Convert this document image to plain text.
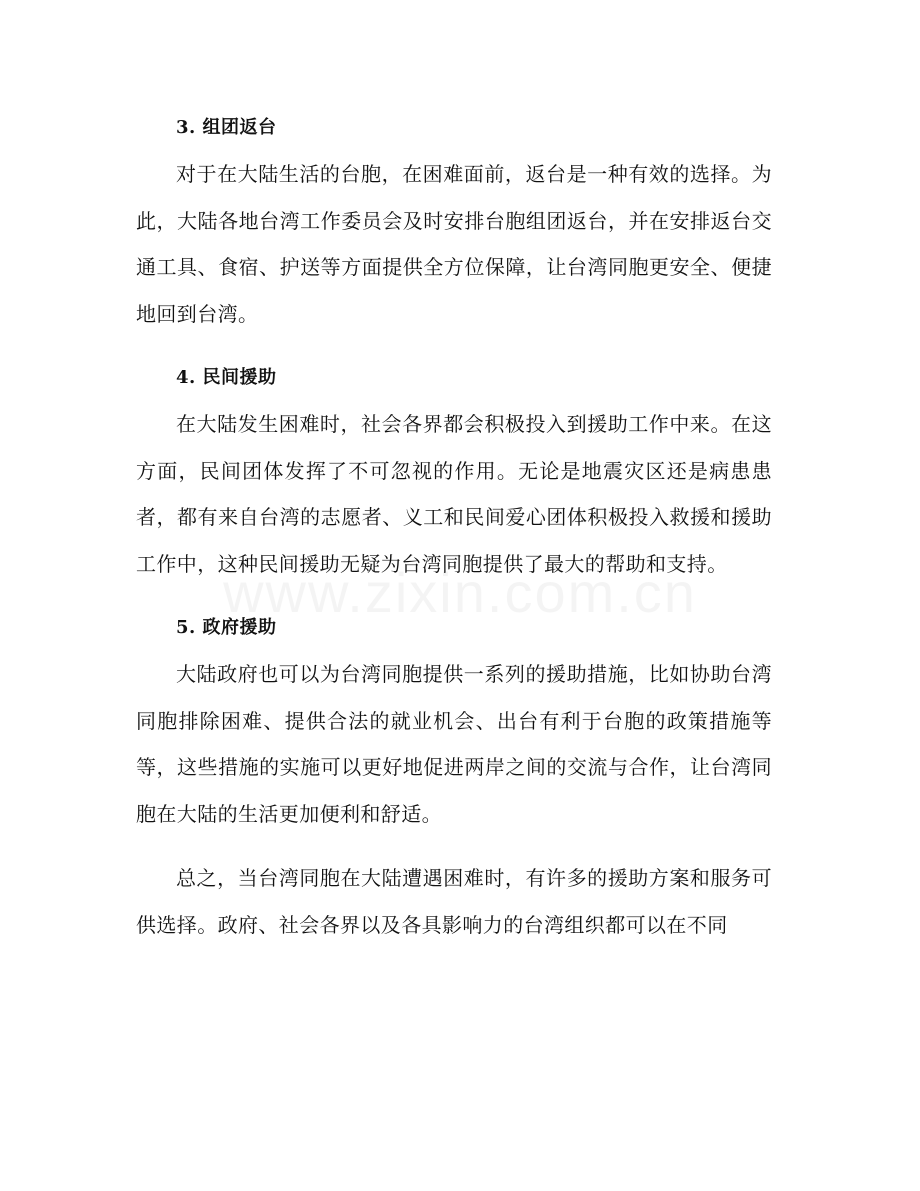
3. 组团返台

对于在大陆生活的台胞，在困难面前，返台是一种有效的选择。为此，大陆各地台湾工作委员会及时安排台胞组团返台，并在安排返台交通工具、食宿、护送等方面提供全方位保障，让台湾同胞更安全、便捷地回到台湾。

4. 民间援助

在大陆发生困难时，社会各界都会积极投入到援助工作中来。在这方面，民间团体发挥了不可忽视的作用。无论是地震灾区还是病患患者，都有来自台湾的志愿者、义工和民间爱心团体积极投入救援和援助工作中，这种民间援助无疑为台湾同胞提供了最大的帮助和支持。

5. 政府援助

大陆政府也可以为台湾同胞提供一系列的援助措施，比如协助台湾同胞排除困难、提供合法的就业机会、出台有利于台胞的政策措施等等，这些措施的实施可以更好地促进两岸之间的交流与合作，让台湾同胞在大陆的生活更加便利和舒适。

总之，当台湾同胞在大陆遭遇困难时，有许多的援助方案和服务可供选择。政府、社会各界以及各具影响力的台湾组织都可以在不同
